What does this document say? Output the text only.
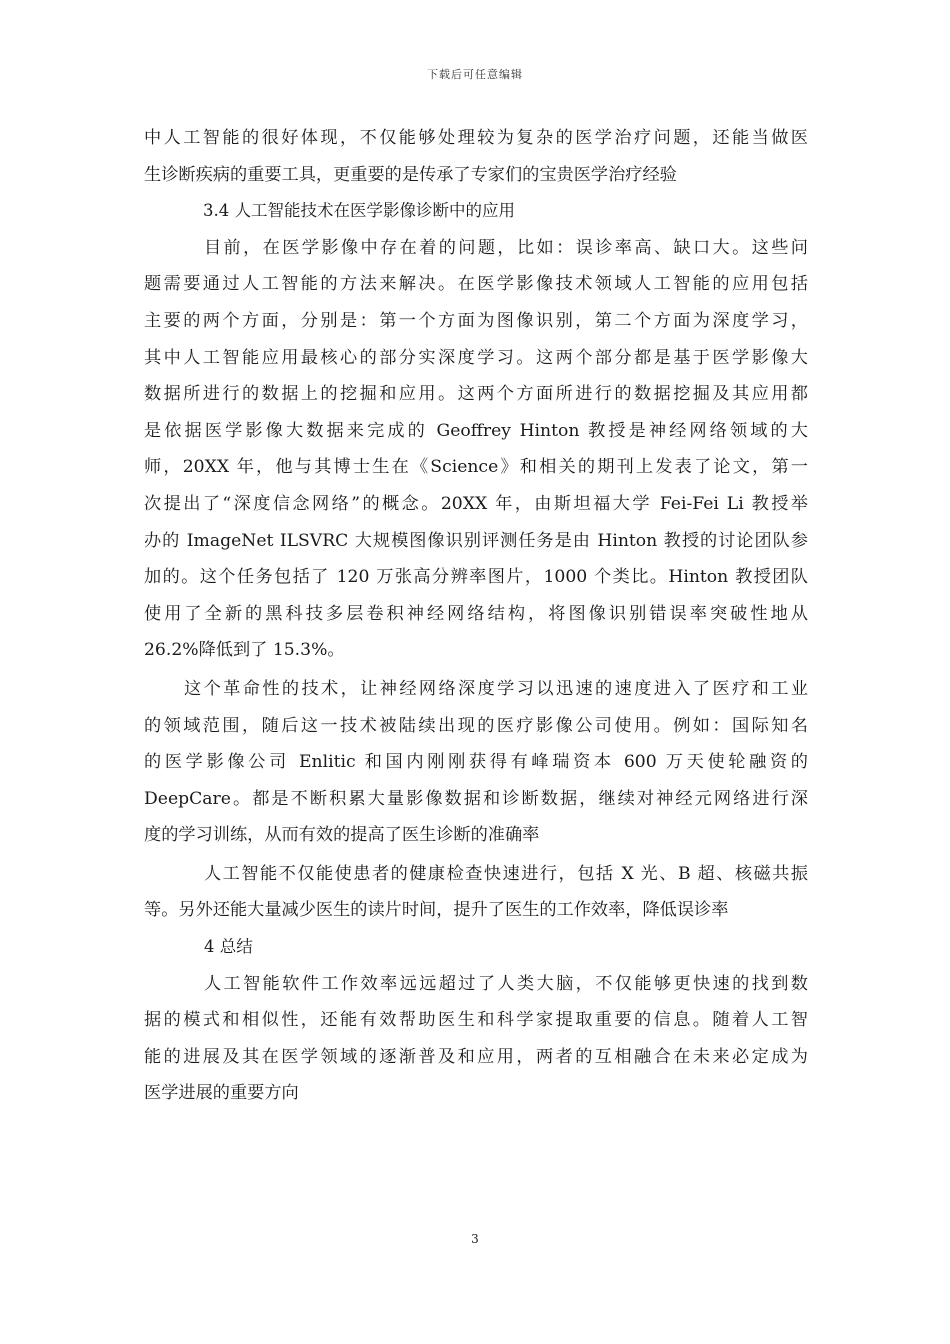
下载后可任意编辑
中人工智能的很好体现，不仅能够处理较为复杂的医学治疗问题，还能当做医
生诊断疾病的重要工具，更重要的是传承了专家们的宝贵医学治疗经验
3.4 人工智能技术在医学影像诊断中的应用
目前，在医学影像中存在着的问题，比如：误诊率高、缺口大。这些问
题需要通过人工智能的方法来解决。在医学影像技术领域人工智能的应用包括
主要的两个方面，分别是：第一个方面为图像识别，第二个方面为深度学习，
其中人工智能应用最核心的部分实深度学习。这两个部分都是基于医学影像大
数据所进行的数据上的挖掘和应用。这两个方面所进行的数据挖掘及其应用都
是依据医学影像大数据来完成的 Geoffrey Hinton 教授是神经网络领域的大
师，20XX 年，他与其博士生在《Science》和相关的期刊上发表了论文，第一
次提出了“深度信念网络”的概念。20XX 年，由斯坦福大学 Fei-Fei Li 教授举
办的 ImageNet ILSVRC 大规模图像识别评测任务是由 Hinton 教授的讨论团队参
加的。这个任务包括了 120 万张高分辨率图片，1000 个类比。Hinton 教授团队
使用了全新的黑科技多层卷积神经网络结构，将图像识别错误率突破性地从
26.2%降低到了 15.3%。
这个革命性的技术，让神经网络深度学习以迅速的速度进入了医疗和工业
的领域范围，随后这一技术被陆续出现的医疗影像公司使用。例如：国际知名
的医学影像公司 Enlitic 和国内刚刚获得有峰瑞资本 600 万天使轮融资的
DeepCare。都是不断积累大量影像数据和诊断数据，继续对神经元网络进行深
度的学习训练，从而有效的提高了医生诊断的准确率
人工智能不仅能使患者的健康检查快速进行，包括 X 光、B 超、核磁共振
等。另外还能大量减少医生的读片时间，提升了医生的工作效率，降低误诊率
4 总结
人工智能软件工作效率远远超过了人类大脑，不仅能够更快速的找到数
据的模式和相似性，还能有效帮助医生和科学家提取重要的信息。随着人工智
能的进展及其在医学领域的逐渐普及和应用，两者的互相融合在未来必定成为
医学进展的重要方向
3
